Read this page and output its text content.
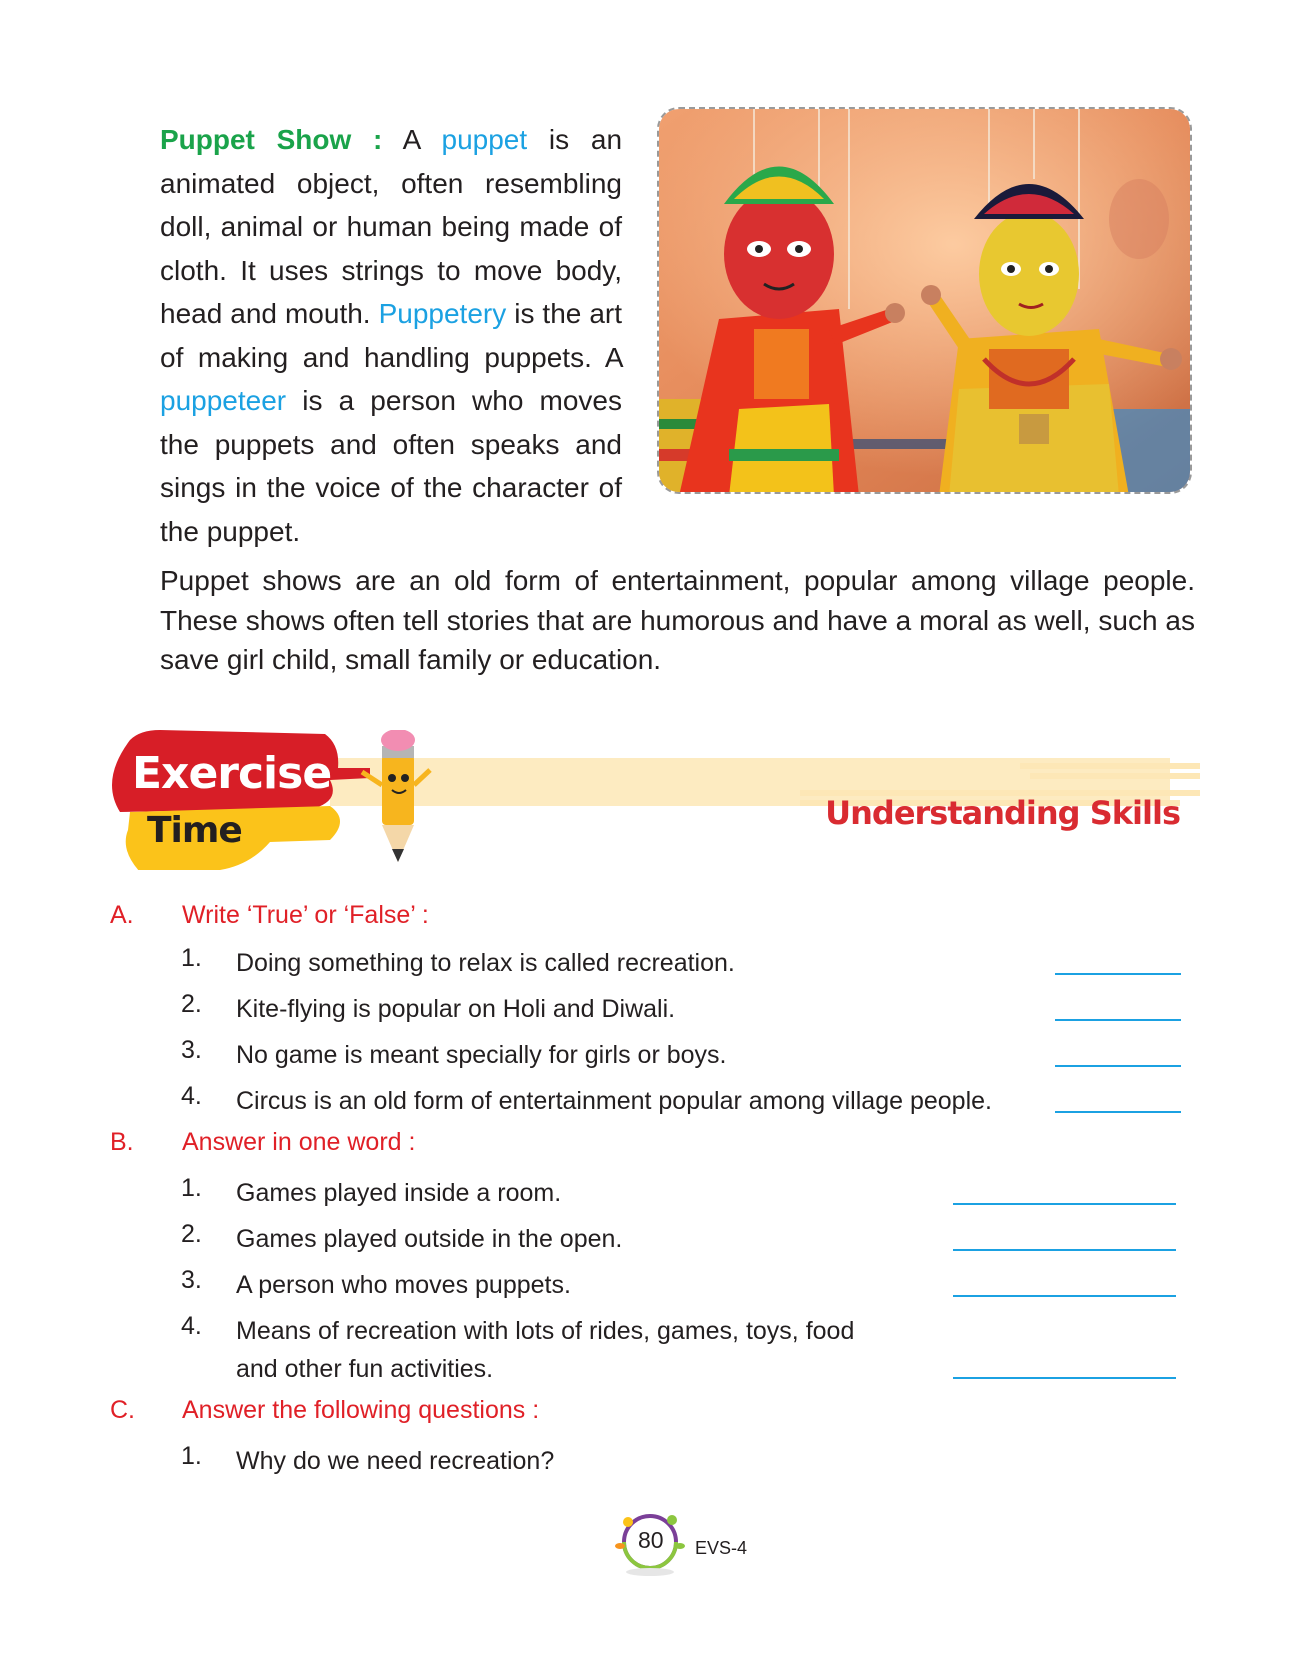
Puppet Show : A puppet is an animated object, often resembling doll, animal or human being made of cloth. It uses strings to move body, head and mouth. Puppetery is the art of making and handling puppets. A puppeteer is a person who moves the puppets and often speaks and sings in the voice of the character of the puppet.

Puppet shows are an old form of entertainment, popular among village people. These shows often tell stories that are humorous and have a moral as well, such as save girl child, small family or education.

Exercise
Time	Understanding Skills
A. Write ‘True’ or ‘False’ :
1. Doing something to relax is called recreation.
2. Kite-flying is popular on Holi and Diwali.
3. No game is meant specially for girls or boys.
4. Circus is an old form of entertainment popular among village people.
B. Answer in one word :
1. Games played inside a room.
2. Games played outside in the open.
3. A person who moves puppets.
4. Means of recreation with lots of rides, games, toys, food
and other fun activities.
C. Answer the following questions :
1. Why do we need recreation?
80 EVS-4
